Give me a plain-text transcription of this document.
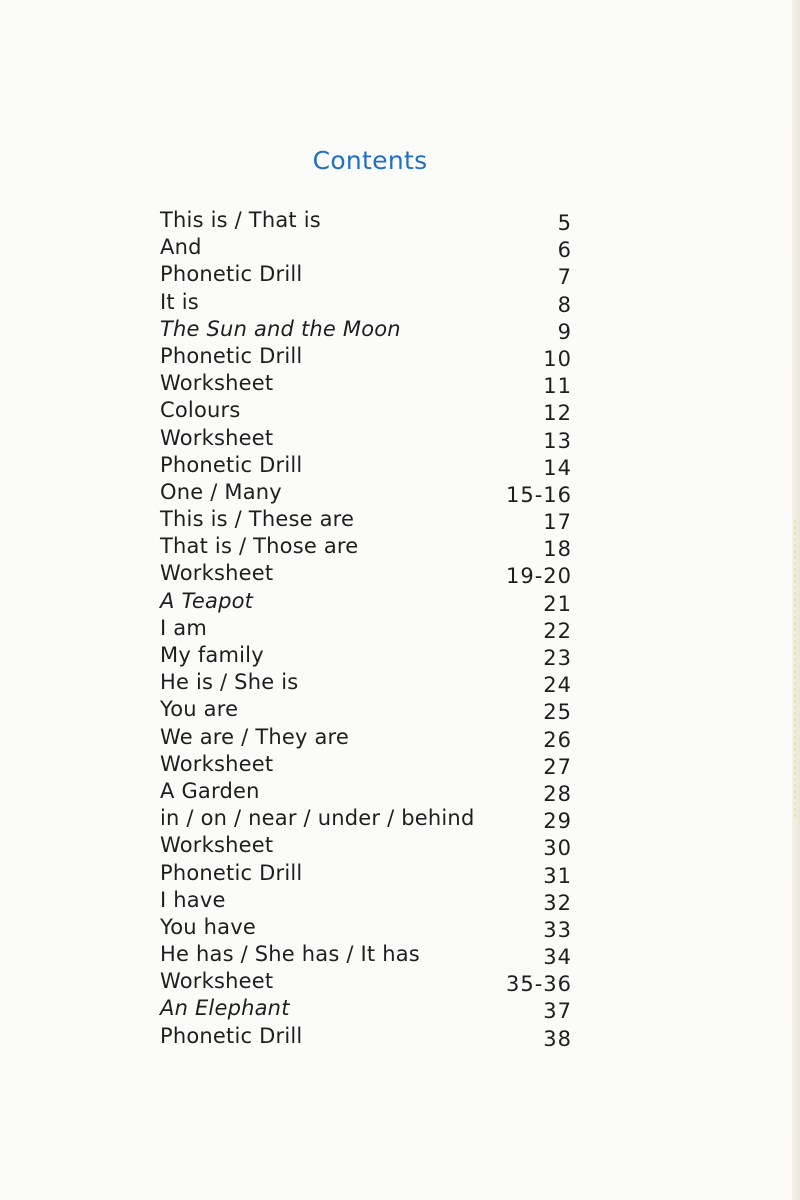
Contents
This is / That is	5
And	6
Phonetic Drill	7
It is	8
The Sun and the Moon	9
Phonetic Drill	10
Worksheet	11
Colours	12
Worksheet	13
Phonetic Drill	14
One / Many	15-16
This is / These are	17
That is / Those are	18
Worksheet	19-20
A Teapot	21
I am	22
My family	23
He is / She is	24
You are	25
We are / They are	26
Worksheet	27
A Garden	28
in / on / near / under / behind	29
Worksheet	30
Phonetic Drill	31
I have	32
You have	33
He has / She has / It has	34
Worksheet	35-36
An Elephant	37
Phonetic Drill	38
